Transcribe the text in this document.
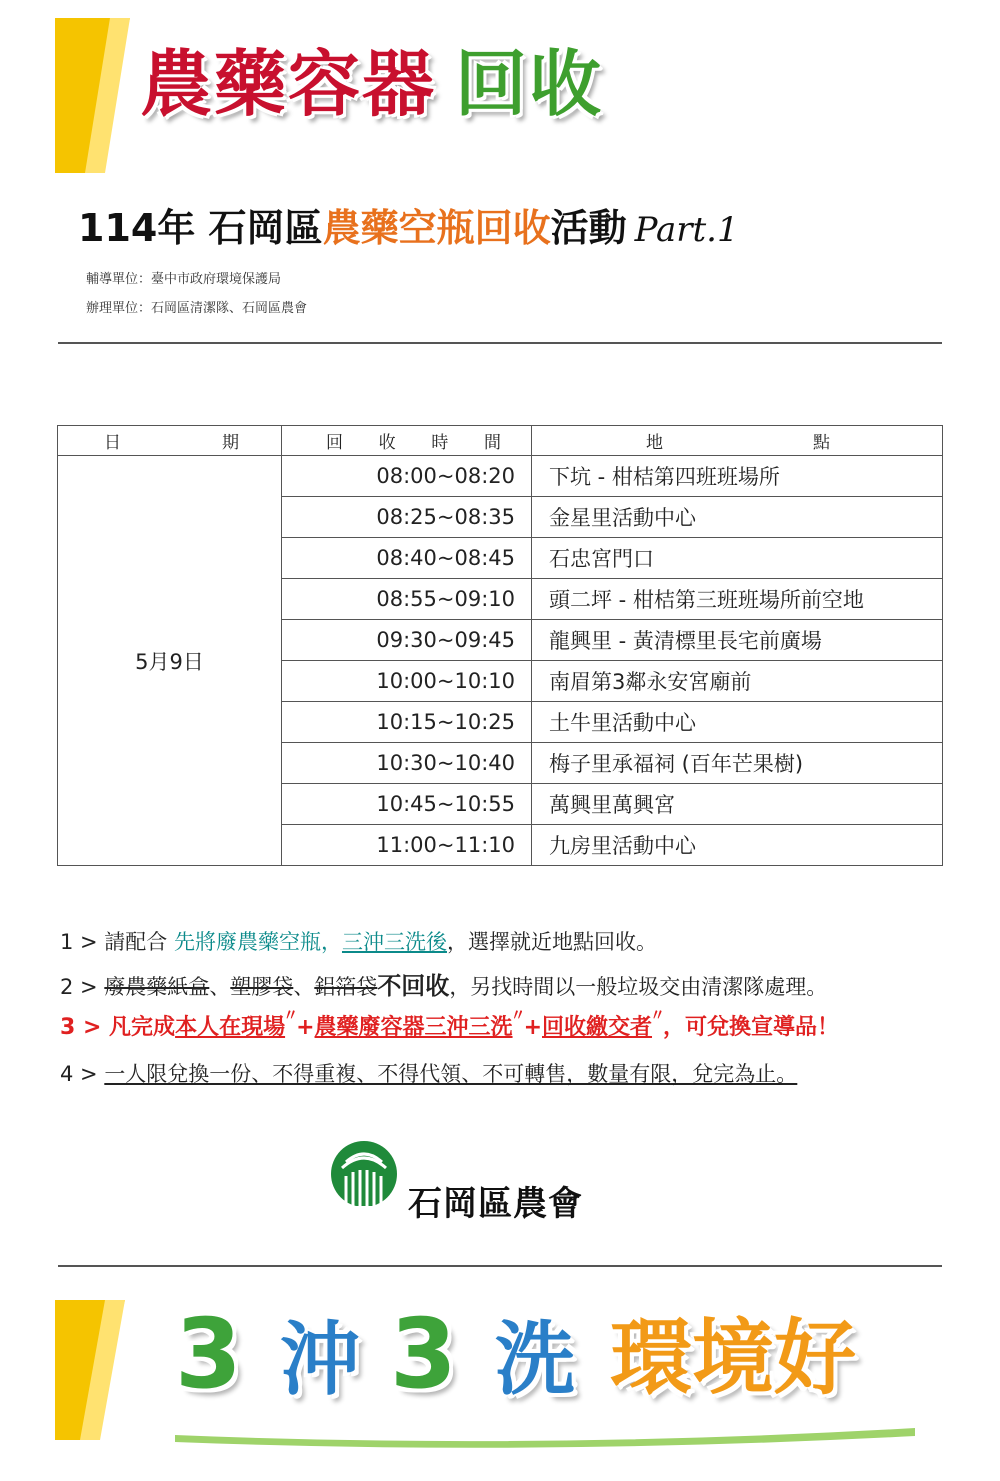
農藥容器 回收
114年 石岡區農藥空瓶回收活動 Part.1
輔導單位：臺中市政府環境保護局
辦理單位：石岡區清潔隊、石岡區農會
日 期	回 收 時 間	地 點

5月9日	08:00~08:20	下坑 - 柑桔第四班班場所
	08:25~08:35	金星里活動中心
	08:40~08:45	石忠宮門口
	08:55~09:10	頭二坪 - 柑桔第三班班場所前空地
	09:30~09:45	龍興里 - 黃清標里長宅前廣場
	10:00~10:10	南眉第3鄰永安宮廟前
	10:15~10:25	土牛里活動中心
	10:30~10:40	梅子里承福祠 (百年芒果樹)
	10:45~10:55	萬興里萬興宮
	11:00~11:10	九房里活動中心
1 > 請配合 先將廢農藥空瓶，三沖三洗後，選擇就近地點回收。
2 > 廢農藥紙盒、塑膠袋、鋁箔袋不回收，另找時間以一般垃圾交由清潔隊處理。
3 > 凡完成本人在現場〃+農藥廢容器三沖三洗〃+回收繳交者〃，可兌換宣導品！
4 > 一人限兌換一份、不得重複、不得代領、不可轉售，數量有限，兌完為止。
石岡區農會
3 沖 3 洗 環境好
